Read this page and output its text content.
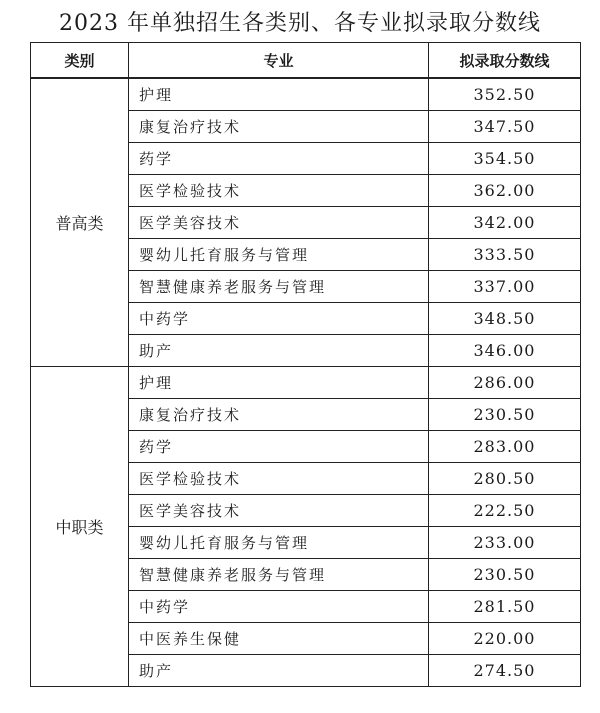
2023 年单独招生各类别、各专业拟录取分数线
类别	专业	拟录取分数线
普高类	护理	352.50
	康复治疗技术	347.50
	药学	354.50
	医学检验技术	362.00
	医学美容技术	342.00
	婴幼儿托育服务与管理	333.50
	智慧健康养老服务与管理	337.00
	中药学	348.50
	助产	346.00
中职类	护理	286.00
	康复治疗技术	230.50
	药学	283.00
	医学检验技术	280.50
	医学美容技术	222.50
	婴幼儿托育服务与管理	233.00
	智慧健康养老服务与管理	230.50
	中药学	281.50
	中医养生保健	220.00
	助产	274.50
